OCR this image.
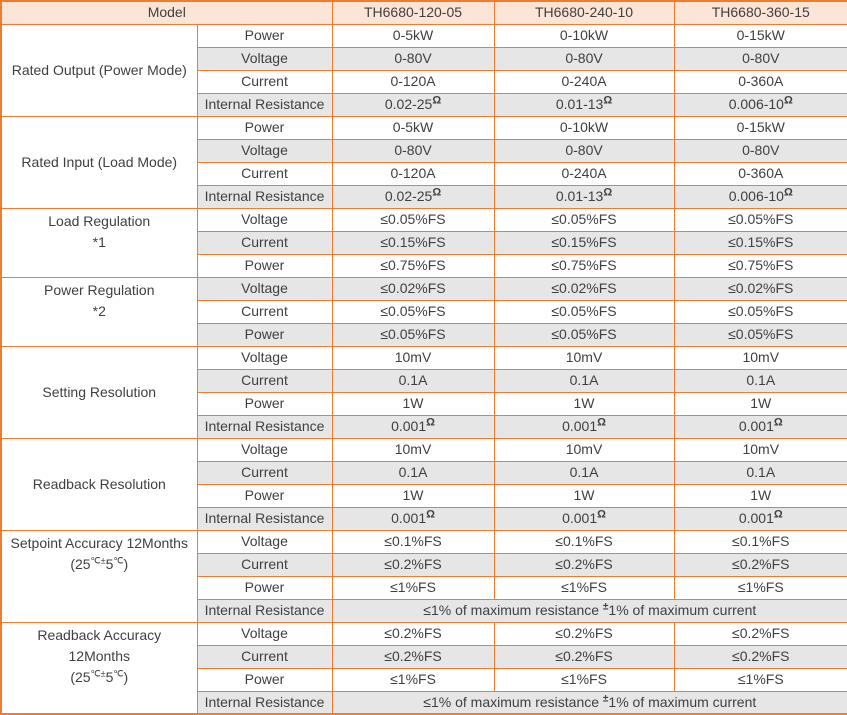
Model		TH6680-120-05	TH6680-240-10	TH6680-360-15

Rated Output (Power Mode)	Power	0-5kW	0-10kW	0-15kW
	Voltage	0-80V	0-80V	0-80V
	Current	0-120A	0-240A	0-360A
	Internal Resistance	$0.02-25^\Omega$	$0.01-13^\Omega$	$0.006-10^\Omega$

Rated Input (Load Mode)	Power	0-5kW	0-10kW	0-15kW
	Voltage	0-80V	0-80V	0-80V
	Current	0-120A	0-240A	0-360A
	Internal Resistance	$0.02-25^\Omega$	$0.01-13^\Omega$	$0.006-10^\Omega$

Load Regulation
*1	Voltage	≤0.05%FS	≤0.05%FS	≤0.05%FS
	Current	≤0.15%FS	≤0.15%FS	≤0.15%FS
	Power	≤0.75%FS	≤0.75%FS	≤0.75%FS

Power Regulation
*2	Voltage	≤0.02%FS	≤0.02%FS	≤0.02%FS
	Current	≤0.05%FS	≤0.05%FS	≤0.05%FS
	Power	≤0.05%FS	≤0.05%FS	≤0.05%FS

Setting Resolution	Voltage	10mV	10mV	10mV
	Current	0.1A	0.1A	0.1A
	Power	1W	1W	1W
	Internal Resistance	$0.001^\Omega$	$0.001^\Omega$	$0.001^\Omega$

Readback Resolution	Voltage	10mV	10mV	10mV
	Current	0.1A	0.1A	0.1A
	Power	1W	1W	1W
	Internal Resistance	$0.001^\Omega$	$0.001^\Omega$	$0.001^\Omega$

Setpoint Accuracy 12Months
(25℃±5℃)	Voltage	≤0.1%FS	≤0.1%FS	≤0.1%FS
	Current	≤0.2%FS	≤0.2%FS	≤0.2%FS
	Power	≤1%FS	≤1%FS	≤1%FS
	Internal Resistance	≤1% of maximum resistance ±1% of maximum current		

Readback Accuracy
12Months
(25℃±5℃)	Voltage	≤0.2%FS	≤0.2%FS	≤0.2%FS
	Current	≤0.2%FS	≤0.2%FS	≤0.2%FS
	Power	≤1%FS	≤1%FS	≤1%FS
	Internal Resistance	≤1% of maximum resistance ±1% of maximum current		
